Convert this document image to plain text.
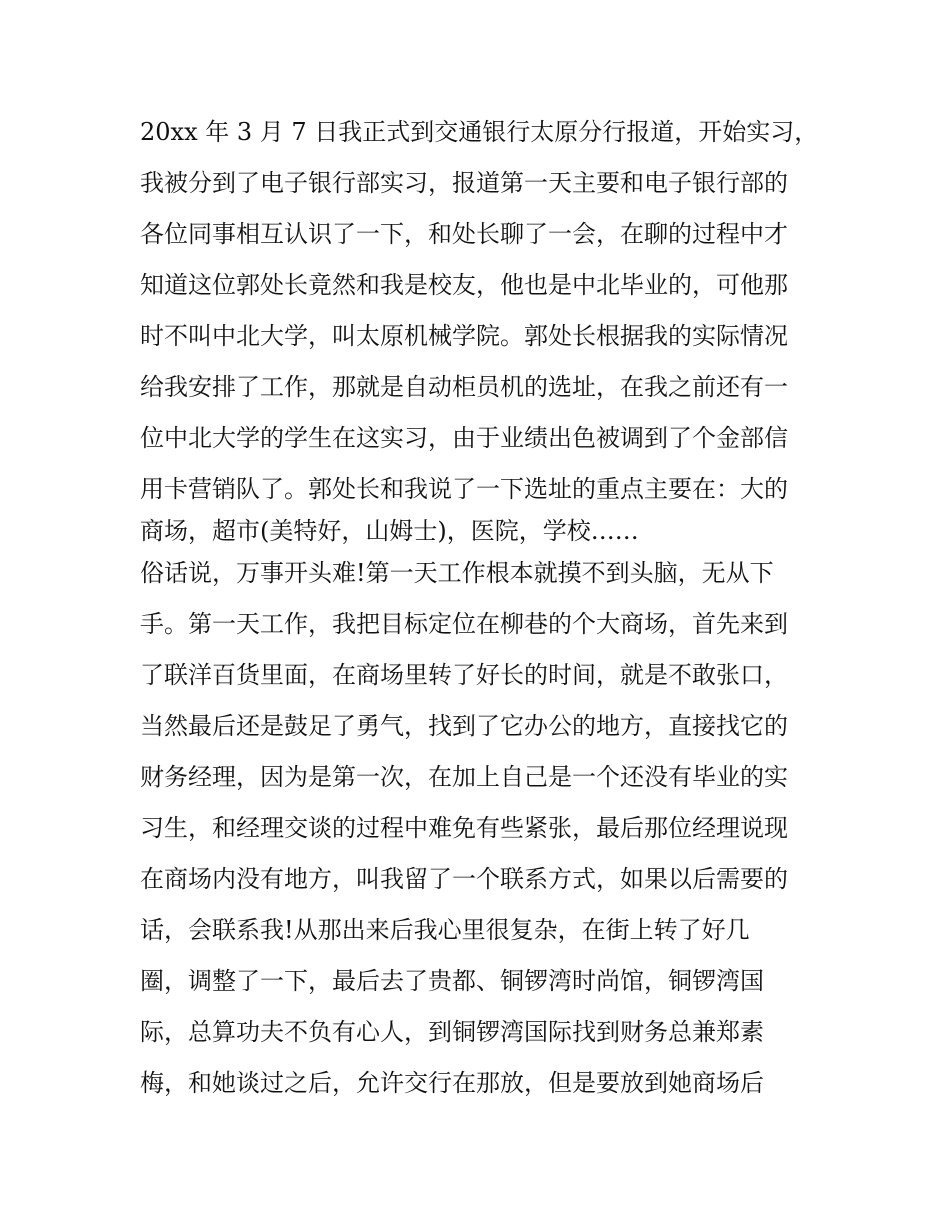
20xx 年 3 月 7 日我正式到交通银行太原分行报道，开始实习，
我被分到了电子银行部实习，报道第一天主要和电子银行部的
各位同事相互认识了一下，和处长聊了一会，在聊的过程中才
知道这位郭处长竟然和我是校友，他也是中北毕业的，可他那
时不叫中北大学，叫太原机械学院。郭处长根据我的实际情况
给我安排了工作，那就是自动柜员机的选址，在我之前还有一
位中北大学的学生在这实习，由于业绩出色被调到了个金部信
用卡营销队了。郭处长和我说了一下选址的重点主要在：大的
商场，超市(美特好，山姆士)，医院，学校……
俗话说，万事开头难!第一天工作根本就摸不到头脑，无从下
手。第一天工作，我把目标定位在柳巷的个大商场，首先来到
了联洋百货里面，在商场里转了好长的时间，就是不敢张口，
当然最后还是鼓足了勇气，找到了它办公的地方，直接找它的
财务经理，因为是第一次，在加上自己是一个还没有毕业的实
习生，和经理交谈的过程中难免有些紧张，最后那位经理说现
在商场内没有地方，叫我留了一个联系方式，如果以后需要的
话，会联系我!从那出来后我心里很复杂，在街上转了好几
圈，调整了一下，最后去了贵都、铜锣湾时尚馆，铜锣湾国
际，总算功夫不负有心人，到铜锣湾国际找到财务总兼郑素
梅，和她谈过之后，允许交行在那放，但是要放到她商场后
